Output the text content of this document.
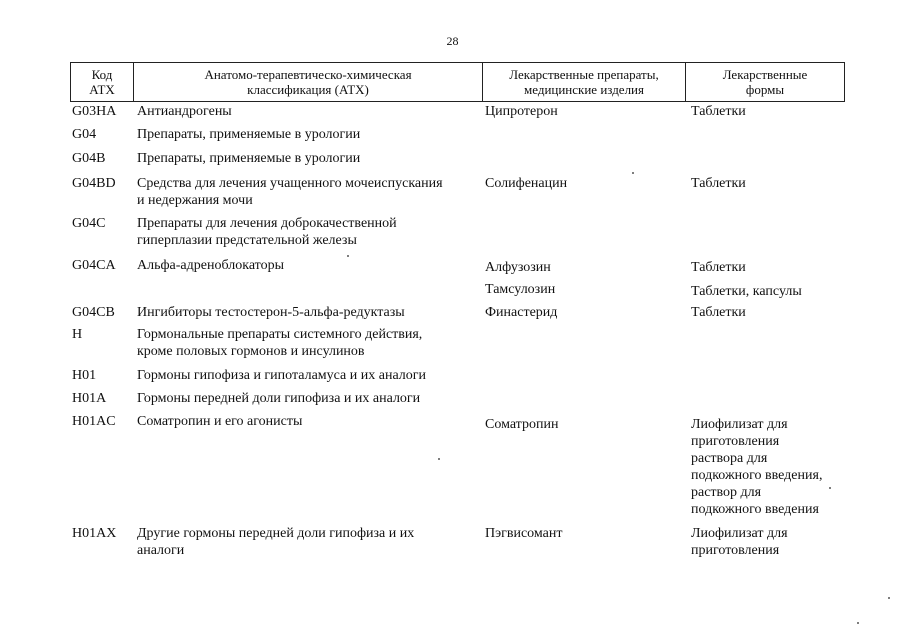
28
Код
АТХ
Анатомо-терапевтическо-химическая
классификация (АТХ)
Лекарственные препараты,
медицинские изделия
Лекарственные
формы
G03HA	Антиандрогены	Ципротерон	Таблетки
G04	Препараты, применяемые в урологии
G04B	Препараты, применяемые в урологии
G04BD	Средства для лечения учащенного мочеиспускания
и недержания мочи
Солифенацин	Таблетки
G04C	Препараты для лечения доброкачественной
гиперплазии предстательной железы
G04CA	Альфа-адреноблокаторы	Алфузозин	Таблетки
Тамсулозин	Таблетки, капсулы
G04CB	Ингибиторы тестостерон-5-альфа-редуктазы	Финастерид	Таблетки
H	Гормональные препараты системного действия,
кроме половых гормонов и инсулинов
H01	Гормоны гипофиза и гипоталамуса и их аналоги
H01A	Гормоны передней доли гипофиза и их аналоги
H01AC	Соматропин и его агонисты	Соматропин	Лиофилизат для
приготовления
раствора для
подкожного введения,
раствор для
подкожного введения
H01AX	Другие гормоны передней доли гипофиза и их
аналоги
Пэгвисомант	Лиофилизат для
приготовления
